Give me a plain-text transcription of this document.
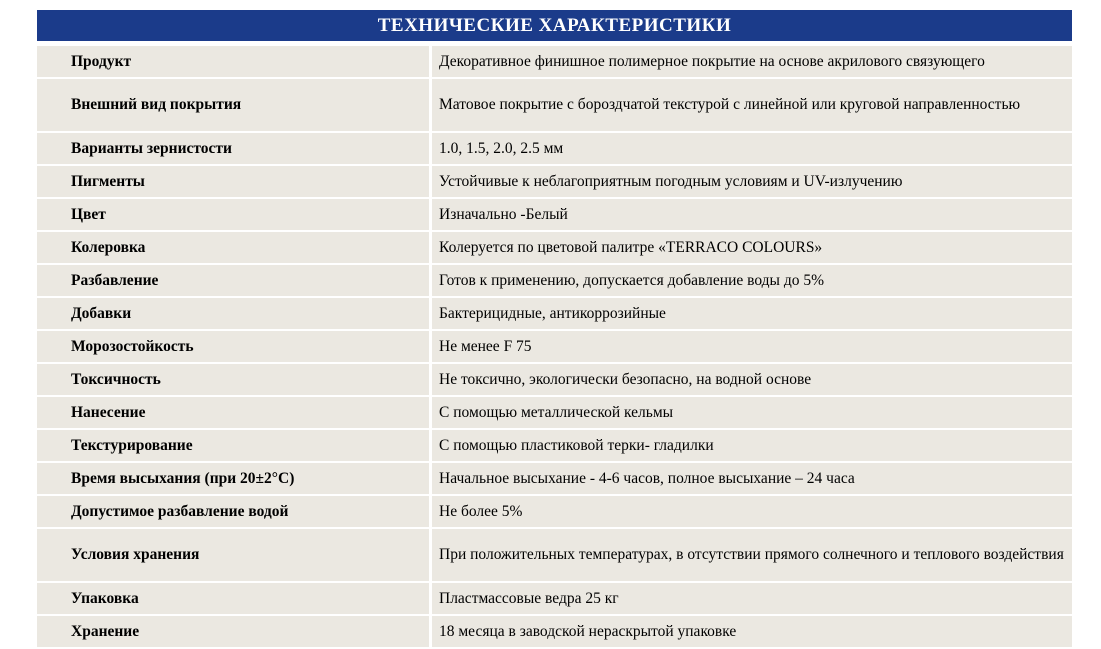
ТЕХНИЧЕСКИЕ ХАРАКТЕРИСТИКИ
Продукт	Декоративное финишное полимерное покрытие на основе акрилового связующего
Внешний вид покрытия	Матовое покрытие с бороздчатой текстурой с линейной или круговой направленностью
Варианты зернистости	1.0, 1.5, 2.0, 2.5 мм
Пигменты	Устойчивые к неблагоприятным погодным условиям и UV-излучению
Цвет	Изначально -Белый
Колеровка	Колеруется по цветовой палитре «TERRACO COLOURS»
Разбавление	Готов к применению, допускается добавление воды до 5%
Добавки	Бактерицидные, антикоррозийные
Морозостойкость	Не менее F 75
Токсичность	Не токсично, экологически безопасно, на водной основе
Нанесение	С помощью металлической кельмы
Текстурирование	С помощью пластиковой терки- гладилки
Время высыхания (при 20±2°С)	Начальное высыхание - 4-6 часов, полное высыхание – 24 часа
Допустимое разбавление водой	Не более 5%
Условия хранения	При положительных температурах, в отсутствии прямого солнечного и теплового воздействия
Упаковка	Пластмассовые ведра 25 кг
Хранение	18 месяца в заводской нераскрытой упаковке
